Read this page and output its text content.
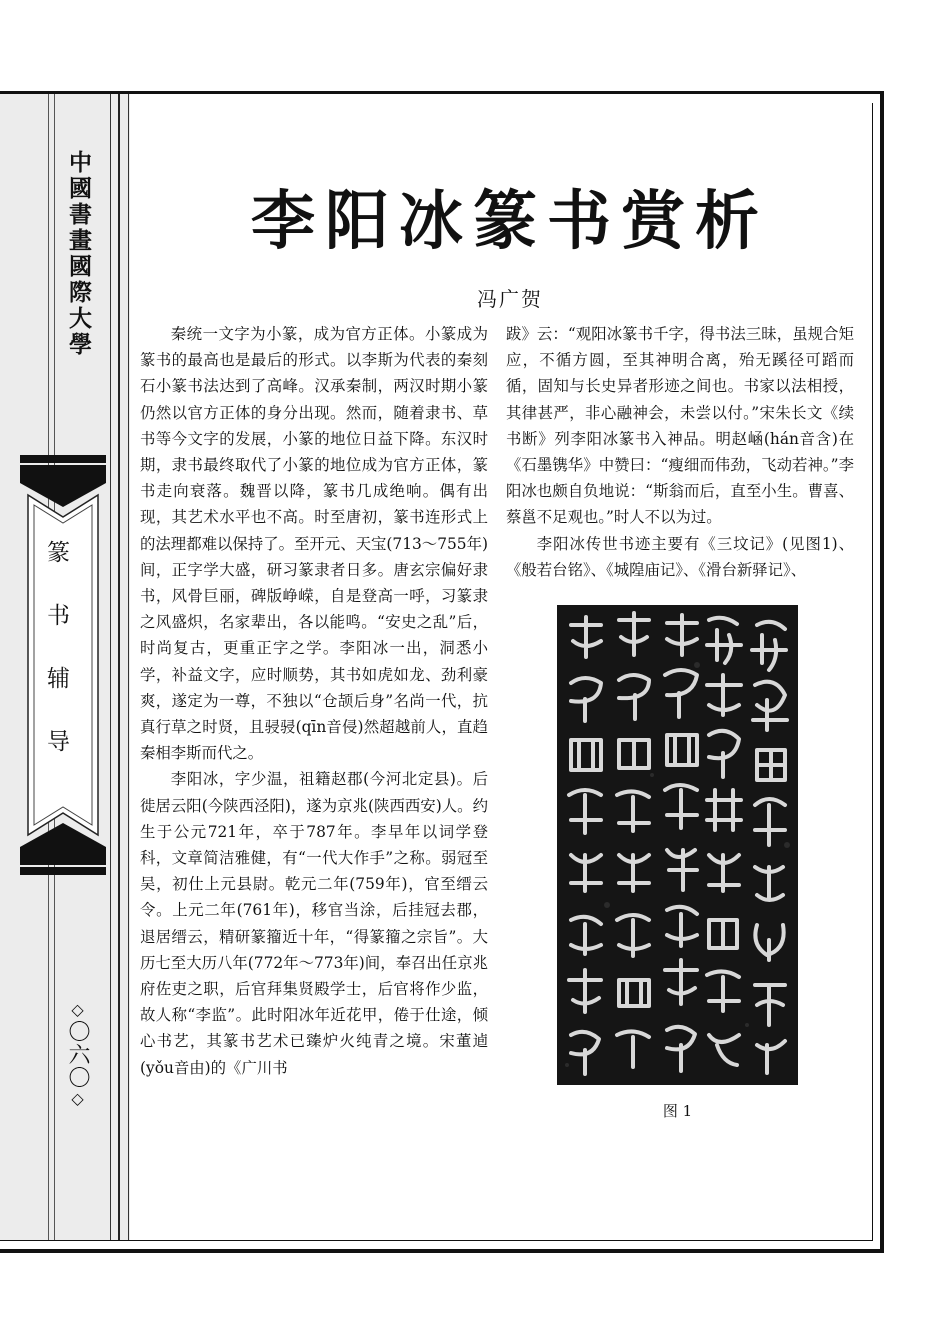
中國書畫國際大學
篆书辅导
◇〇六〇◇
李阳冰篆书赏析

冯广贺

秦统一文字为小篆，成为官方正体。小篆成为篆书的最高也是最后的形式。以李斯为代表的秦刻石小篆书法达到了高峰。汉承秦制，两汉时期小篆仍然以官方正体的身分出现。然而，随着隶书、草书等今文字的发展，小篆的地位日益下降。东汉时期，隶书最终取代了小篆的地位成为官方正体，篆书走向衰落。魏晋以降，篆书几成绝响。偶有出现，其艺术水平也不高。时至唐初，篆书连形式上的法理都难以保持了。至开元、天宝(713～755年)间，正字学大盛，研习篆隶者日多。唐玄宗偏好隶书，风骨巨丽，碑版峥嵘，自是登高一呼，习篆隶之风盛炽，名家辈出，各以能鸣。“安史之乱”后，时尚复古，更重正字之学。李阳冰一出，洞悉小学，补益文字，应时顺势，其书如虎如龙、劲利豪爽，遂定为一尊，不独以“仓颉后身”名尚一代，抗真行草之时贤，且骎骎(qīn音侵)然超越前人，直趋秦相李斯而代之。

李阳冰，字少温，祖籍赵郡(今河北定县)。后徙居云阳(今陕西泾阳)，遂为京兆(陕西西安)人。约生于公元721年，卒于787年。李早年以词学登科，文章简洁雅健，有“一代大作手”之称。弱冠至吴，初仕上元县尉。乾元二年(759年)，官至缙云令。上元二年(761年)，移官当涂，后挂冠去郡，退居缙云，精研篆籀近十年，“得篆籀之宗旨”。大历七至大历八年(772年～773年)间，奉召出任京兆府佐吏之职，后官拜集贤殿学士，后官将作少监，故人称“李监”。此时阳冰年近花甲，倦于仕途，倾心书艺，其篆书艺术已臻炉火纯青之境。宋董逌(yǒu音由)的《广川书

跋》云：“观阳冰篆书千字，得书法三昧，虽规合矩应，不循方圆，至其神明合离，殆无蹊径可蹈而循，固知与长史异者形迹之间也。书家以法相授，其律甚严，非心融神会，未尝以付。”宋朱长文《续书断》列李阳冰篆书入神品。明赵崡(hán音含)在《石墨镌华》中赞曰：“瘦细而伟劲，飞动若神。”李阳冰也颇自负地说：“斯翁而后，直至小生。曹喜、蔡邕不足观也。”时人不以为过。

李阳冰传世书迹主要有《三坟记》(见图1)、《般若台铭》、《城隍庙记》、《滑台新驿记》、

图 1
